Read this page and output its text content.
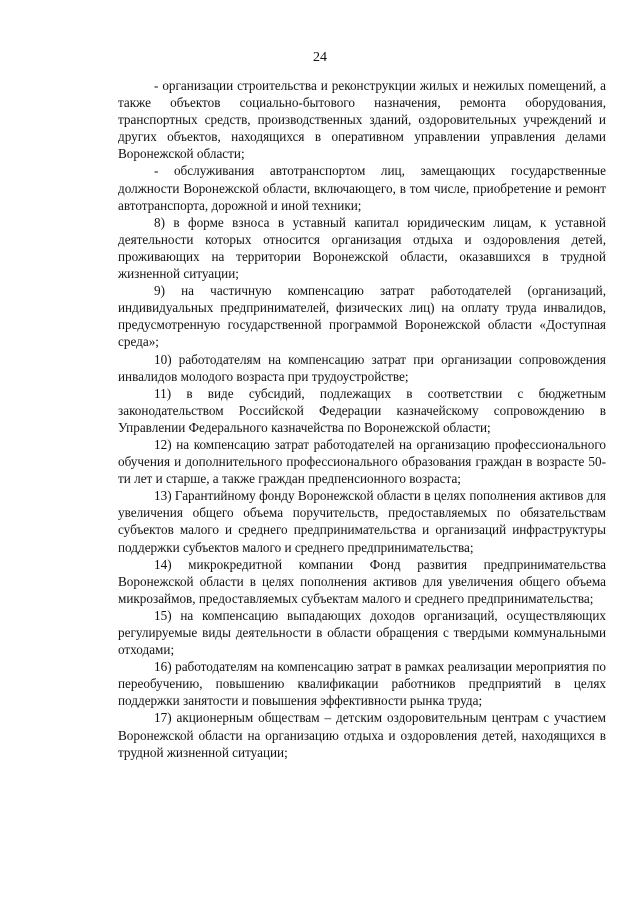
24

- организации строительства и реконструкции жилых и нежилых помещений, а также объектов социально-бытового назначения, ремонта оборудования, транспортных средств, производственных зданий, оздоровительных учреждений и других объектов, находящихся в оперативном управлении управления делами Воронежской области;

- обслуживания автотранспортом лиц, замещающих государственные должности Воронежской области, включающего, в том числе, приобретение и ремонт автотранспорта, дорожной и иной техники;

8) в форме взноса в уставный капитал юридическим лицам, к уставной деятельности которых относится организация отдыха и оздоровления детей, проживающих на территории Воронежской области, оказавшихся в трудной жизненной ситуации;

9) на частичную компенсацию затрат работодателей (организаций, индивидуальных предпринимателей, физических лиц) на оплату труда инвалидов, предусмотренную государственной программой Воронежской области «Доступная среда»;

10) работодателям на компенсацию затрат при организации сопровождения инвалидов молодого возраста при трудоустройстве;

11) в виде субсидий, подлежащих в соответствии с бюджетным законодательством Российской Федерации казначейскому сопровождению в Управлении Федерального казначейства по Воронежской области;

12) на компенсацию затрат работодателей на организацию профессионального обучения и дополнительного профессионального образования граждан в возрасте 50-ти лет и старше, а также граждан предпенсионного возраста;

13) Гарантийному фонду Воронежской области в целях пополнения активов для увеличения общего объема поручительств, предоставляемых по обязательствам субъектов малого и среднего предпринимательства и организаций инфраструктуры поддержки субъектов малого и среднего предпринимательства;

14) микрокредитной компании Фонд развития предпринимательства Воронежской области в целях пополнения активов для увеличения общего объема микрозаймов, предоставляемых субъектам малого и среднего предпринимательства;

15) на компенсацию выпадающих доходов организаций, осуществляющих регулируемые виды деятельности в области обращения с твердыми коммунальными отходами;

16) работодателям на компенсацию затрат в рамках реализации мероприятия по переобучению, повышению квалификации работников предприятий в целях поддержки занятости и повышения эффективности рынка труда;

17) акционерным обществам – детским оздоровительным центрам с участием Воронежской области на организацию отдыха и оздоровления детей, находящихся в трудной жизненной ситуации;
